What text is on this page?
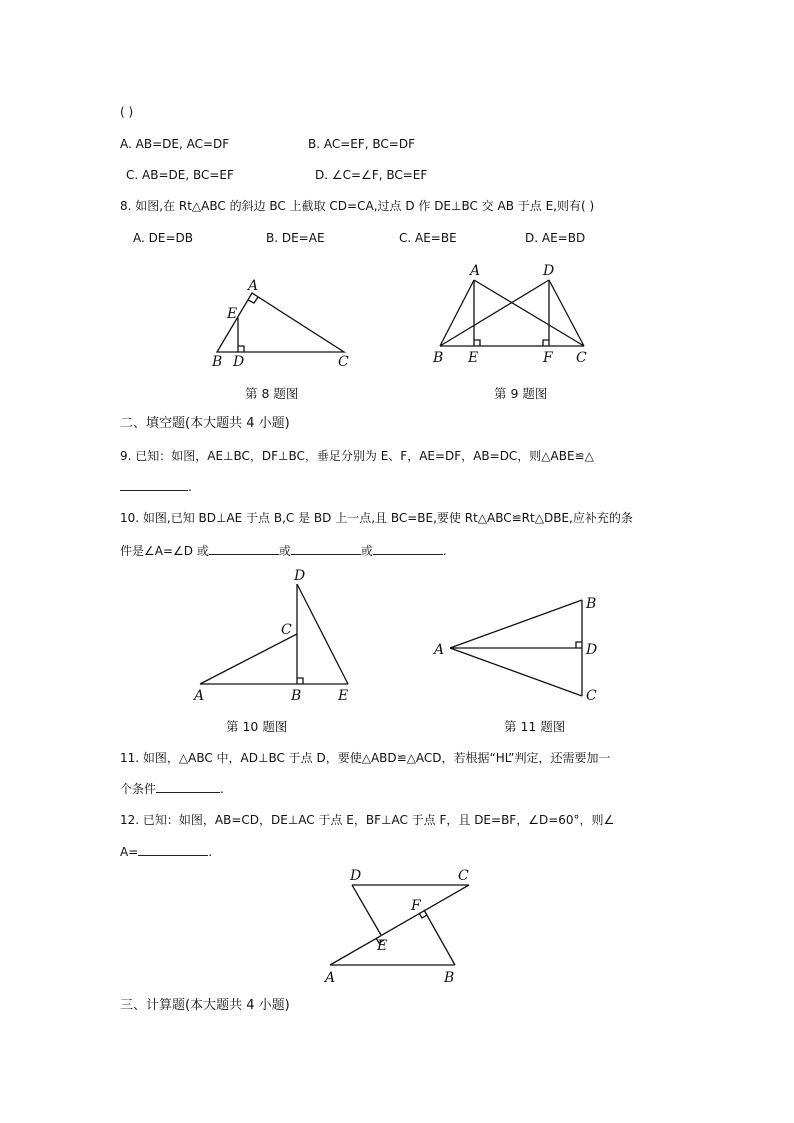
( )
A. AB=DE, AC=DF	B. AC=EF, BC=DF
C. AB=DE, BC=EF	D. ∠C=∠F, BC=EF
8. 如图,在 Rt△ABC 的斜边 BC 上截取 CD=CA,过点 D 作 DE⊥BC 交 AB 于点 E,则有( )
A. DE=DB	B. DE=AE	C. AE=BE	D. AE=BD
A
E
B D	C
A	D
B E	F C
D
C
A	B	E
A
B
D
C
D	C
F
E
A	B
第 8 题图	第 9 题图
二、填空题(本大题共 4 小题)
9. 已知：如图，AE⊥BC，DF⊥BC，垂足分别为 E、F，AE=DF，AB=DC，则△ABE≌△
.
10. 如图,已知 BD⊥AE 于点 B,C 是 BD 上一点,且 BC=BE,要使 Rt△ABC≌Rt△DBE,应补充的条
件是∠A=∠D 或	或	或	.
第 10 题图	第 11 题图
11. 如图，△ABC 中，AD⊥BC 于点 D，要使△ABD≌△ACD，若根据“HL”判定，还需要加一
个条件	.
12. 已知：如图，AB=CD，DE⊥AC 于点 E，BF⊥AC 于点 F，且 DE=BF，∠D=60°，则∠
A=	.
三、计算题(本大题共 4 小题)
